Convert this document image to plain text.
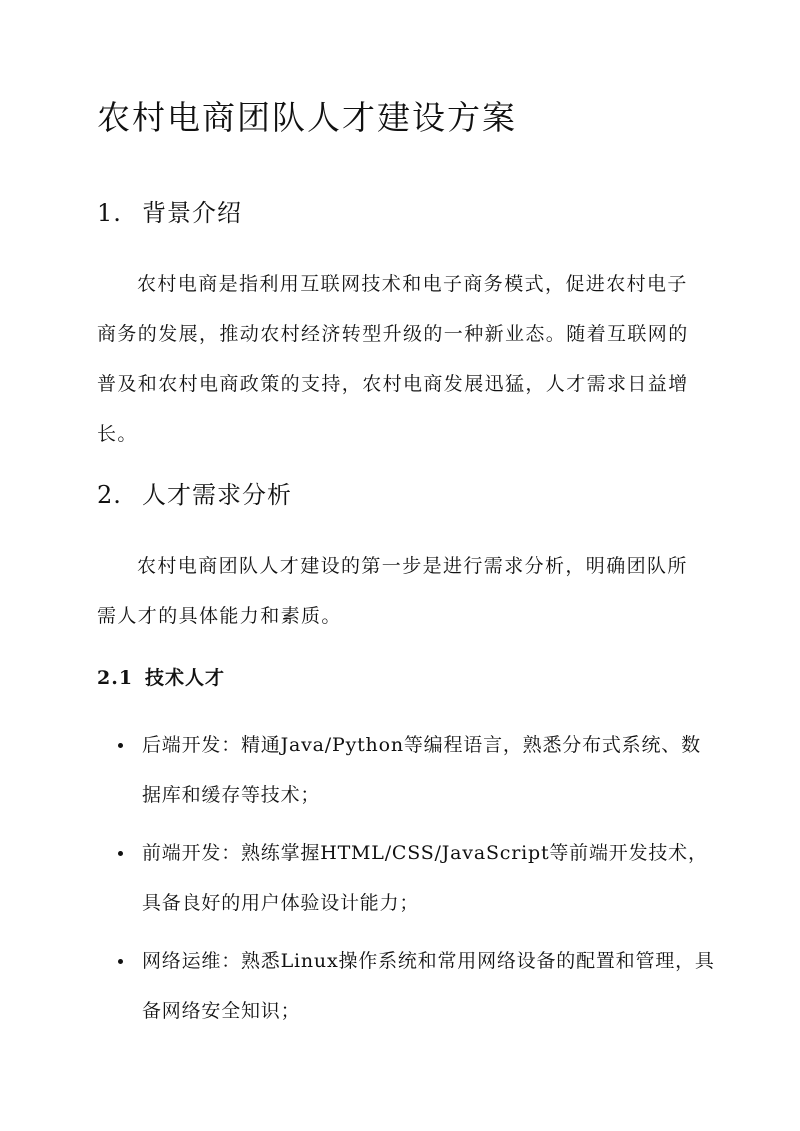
农村电商团队人才建设方案
1. 背景介绍

农村电商是指利用互联网技术和电子商务模式，促进农村电子商务的发展，推动农村经济转型升级的一种新业态。随着互联网的普及和农村电商政策的支持，农村电商发展迅猛，人才需求日益增长。

2. 人才需求分析

农村电商团队人才建设的第一步是进行需求分析，明确团队所需人才的具体能力和素质。

2.1 技术人才
后端开发：精通Java/Python等编程语言，熟悉分布式系统、数据库和缓存等技术；
前端开发：熟练掌握HTML/CSS/JavaScript等前端开发技术，具备良好的用户体验设计能力；
网络运维：熟悉Linux操作系统和常用网络设备的配置和管理，具备网络安全知识；
